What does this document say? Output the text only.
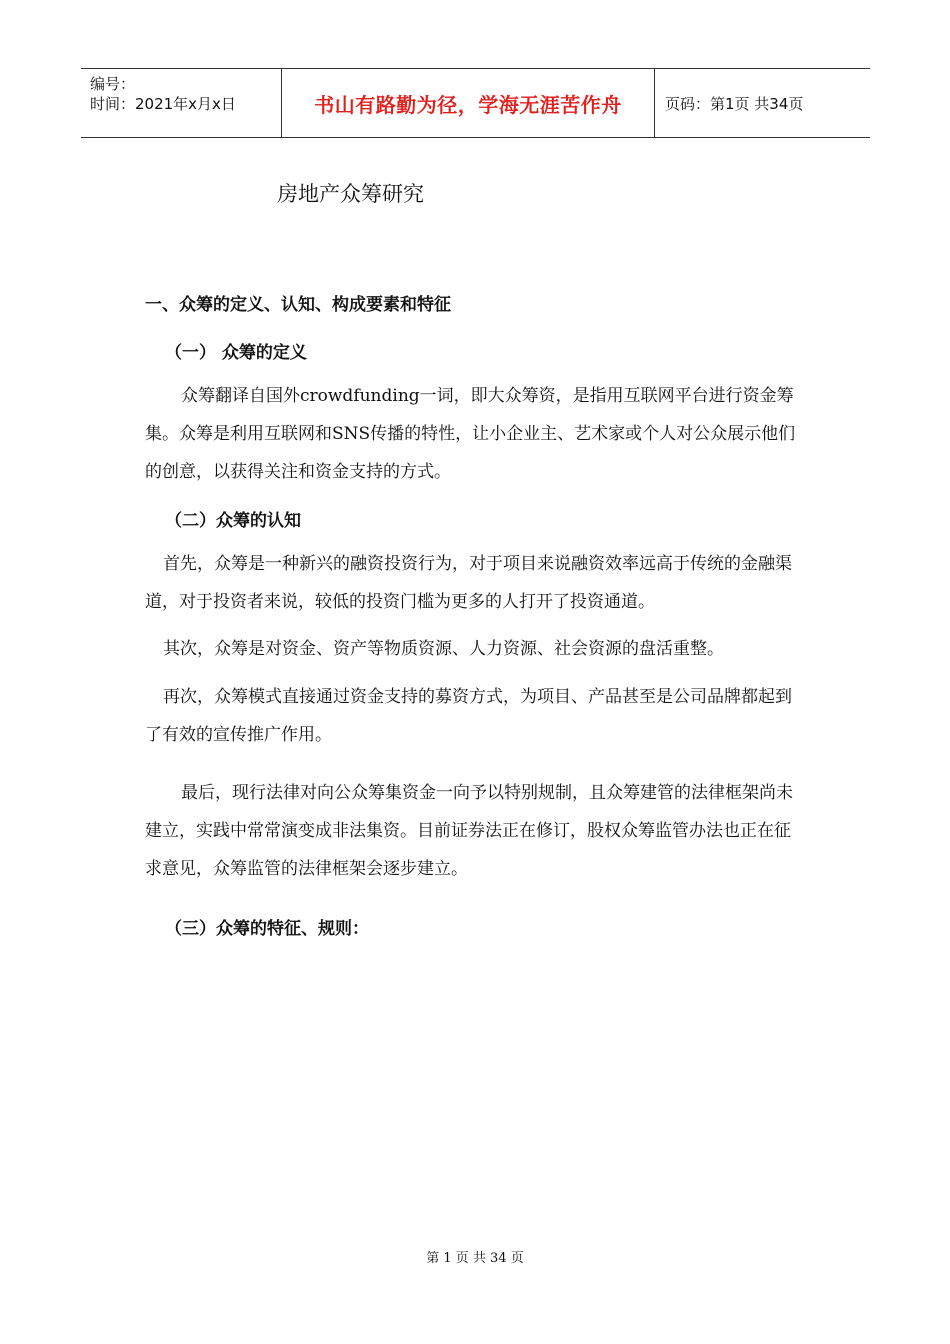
编号：
时间：2021年x月x日	书山有路勤为径，学海无涯苦作舟	页码：第1页 共34页
房地产众筹研究
一、众筹的定义、认知、构成要素和特征
（一） 众筹的定义
众筹翻译自国外crowdfunding一词，即大众筹资，是指用互联网平台进行资金筹集。众筹是利用互联网和SNS传播的特性，让小企业主、艺术家或个人对公众展示他们的创意，以获得关注和资金支持的方式。
（二）众筹的认知
首先，众筹是一种新兴的融资投资行为，对于项目来说融资效率远高于传统的金融渠道，对于投资者来说，较低的投资门槛为更多的人打开了投资通道。
其次，众筹是对资金、资产等物质资源、人力资源、社会资源的盘活重整。
再次，众筹模式直接通过资金支持的募资方式，为项目、产品甚至是公司品牌都起到了有效的宣传推广作用。
最后，现行法律对向公众筹集资金一向予以特别规制，且众筹建管的法律框架尚未建立，实践中常常演变成非法集资。目前证券法正在修订，股权众筹监管办法也正在征求意见，众筹监管的法律框架会逐步建立。
（三）众筹的特征、规则：
第 1 页 共 34 页
